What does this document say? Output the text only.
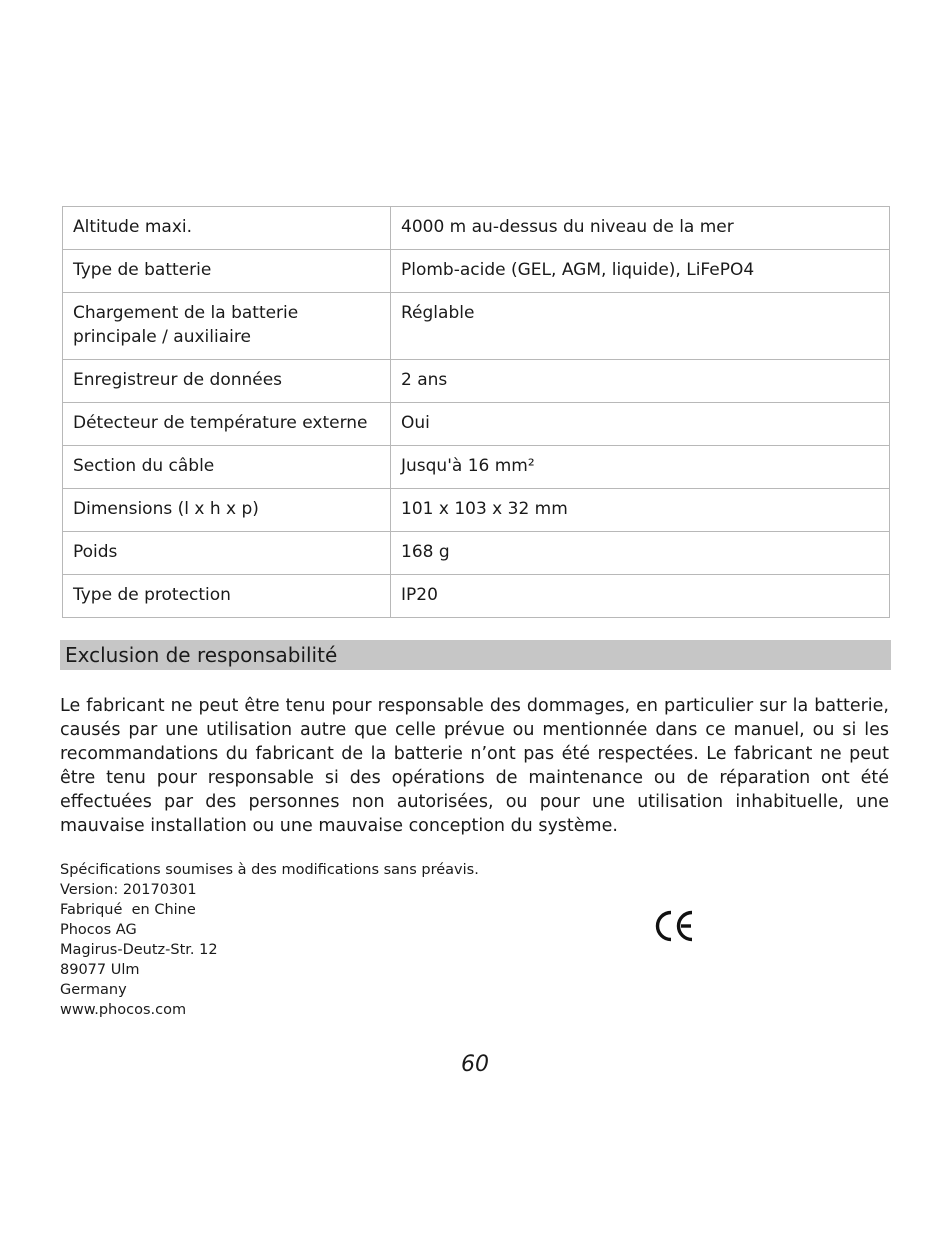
Altitude maxi.	4000 m au-dessus du niveau de la mer
Type de batterie	Plomb-acide (GEL, AGM, liquide), LiFePO4
Chargement de la batterie principale / auxiliaire	Réglable
Enregistreur de données	2 ans
Détecteur de température externe	Oui
Section du câble	Jusqu'à 16 mm²
Dimensions (l x h x p)	101 x 103 x 32 mm
Poids	168 g
Type de protection	IP20
Exclusion de responsabilité

Le fabricant ne peut être tenu pour responsable des dommages, en particulier sur la batterie, causés par une utilisation autre que celle prévue ou mentionnée dans ce manuel, ou si les recommandations du fabricant de la batterie n’ont pas été respectées. Le fabricant ne peut être tenu pour responsable si des opérations de maintenance ou de réparation ont été effectuées par des personnes non autorisées, ou pour une utilisation inhabituelle, une mauvaise installation ou une mauvaise conception du système.

Spécifications soumises à des modifications sans préavis.
Version: 20170301
Fabriqué  en Chine
Phocos AG
Magirus-Deutz-Str. 12
89077 Ulm
Germany
www.phocos.com
60
